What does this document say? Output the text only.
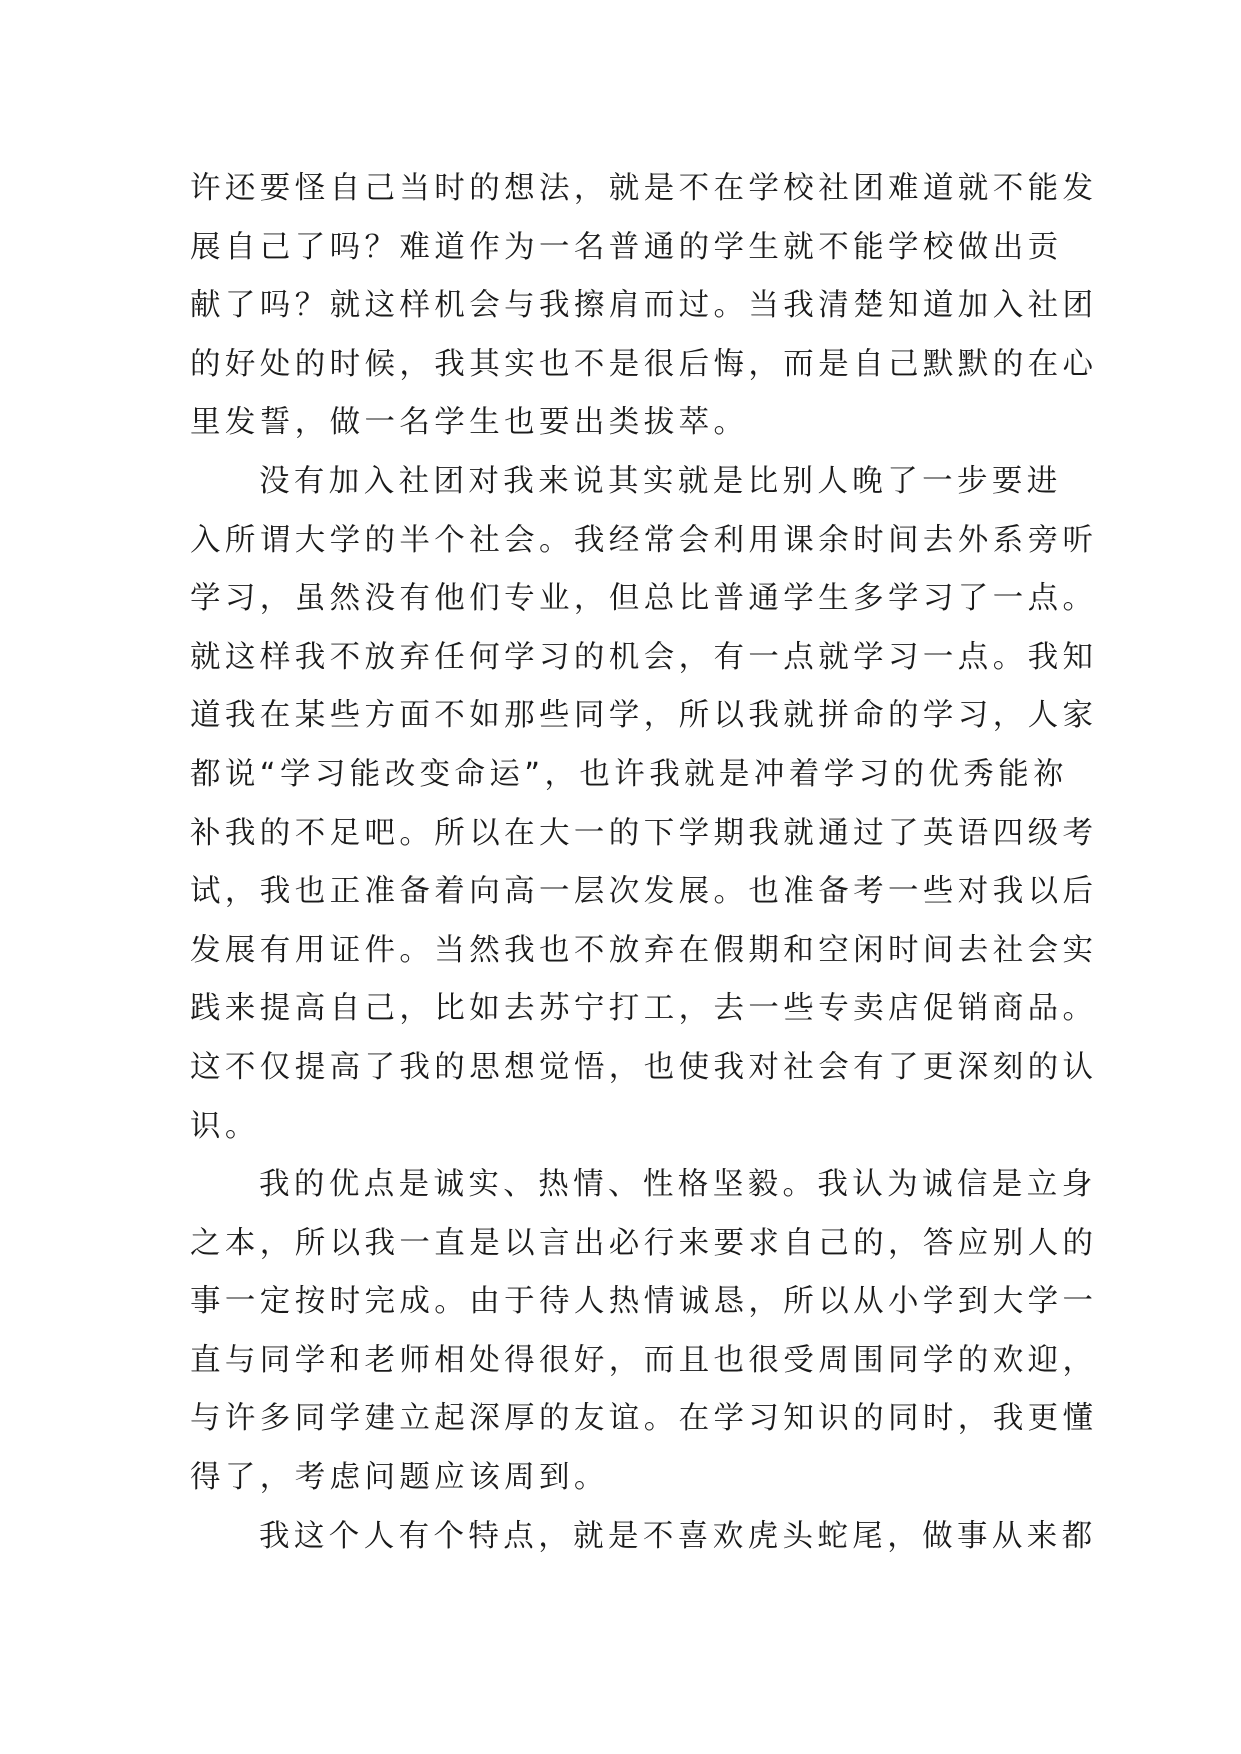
许还要怪自己当时的想法，就是不在学校社团难道就不能发
展自己了吗？难道作为一名普通的学生就不能学校做出贡
献了吗？就这样机会与我擦肩而过。当我清楚知道加入社团
的好处的时候，我其实也不是很后悔，而是自己默默的在心
里发誓，做一名学生也要出类拔萃。
没有加入社团对我来说其实就是比别人晚了一步要进
入所谓大学的半个社会。我经常会利用课余时间去外系旁听
学习，虽然没有他们专业，但总比普通学生多学习了一点。
就这样我不放弃任何学习的机会，有一点就学习一点。我知
道我在某些方面不如那些同学，所以我就拼命的学习，人家
都说“学习能改变命运”，也许我就是冲着学习的优秀能祢
补我的不足吧。所以在大一的下学期我就通过了英语四级考
试，我也正准备着向高一层次发展。也准备考一些对我以后
发展有用证件。当然我也不放弃在假期和空闲时间去社会实
践来提高自己，比如去苏宁打工，去一些专卖店促销商品。
这不仅提高了我的思想觉悟，也使我对社会有了更深刻的认
识。
我的优点是诚实、热情、性格坚毅。我认为诚信是立身
之本，所以我一直是以言出必行来要求自己的，答应别人的
事一定按时完成。由于待人热情诚恳，所以从小学到大学一
直与同学和老师相处得很好，而且也很受周围同学的欢迎，
与许多同学建立起深厚的友谊。在学习知识的同时，我更懂
得了，考虑问题应该周到。
我这个人有个特点，就是不喜欢虎头蛇尾，做事从来都
